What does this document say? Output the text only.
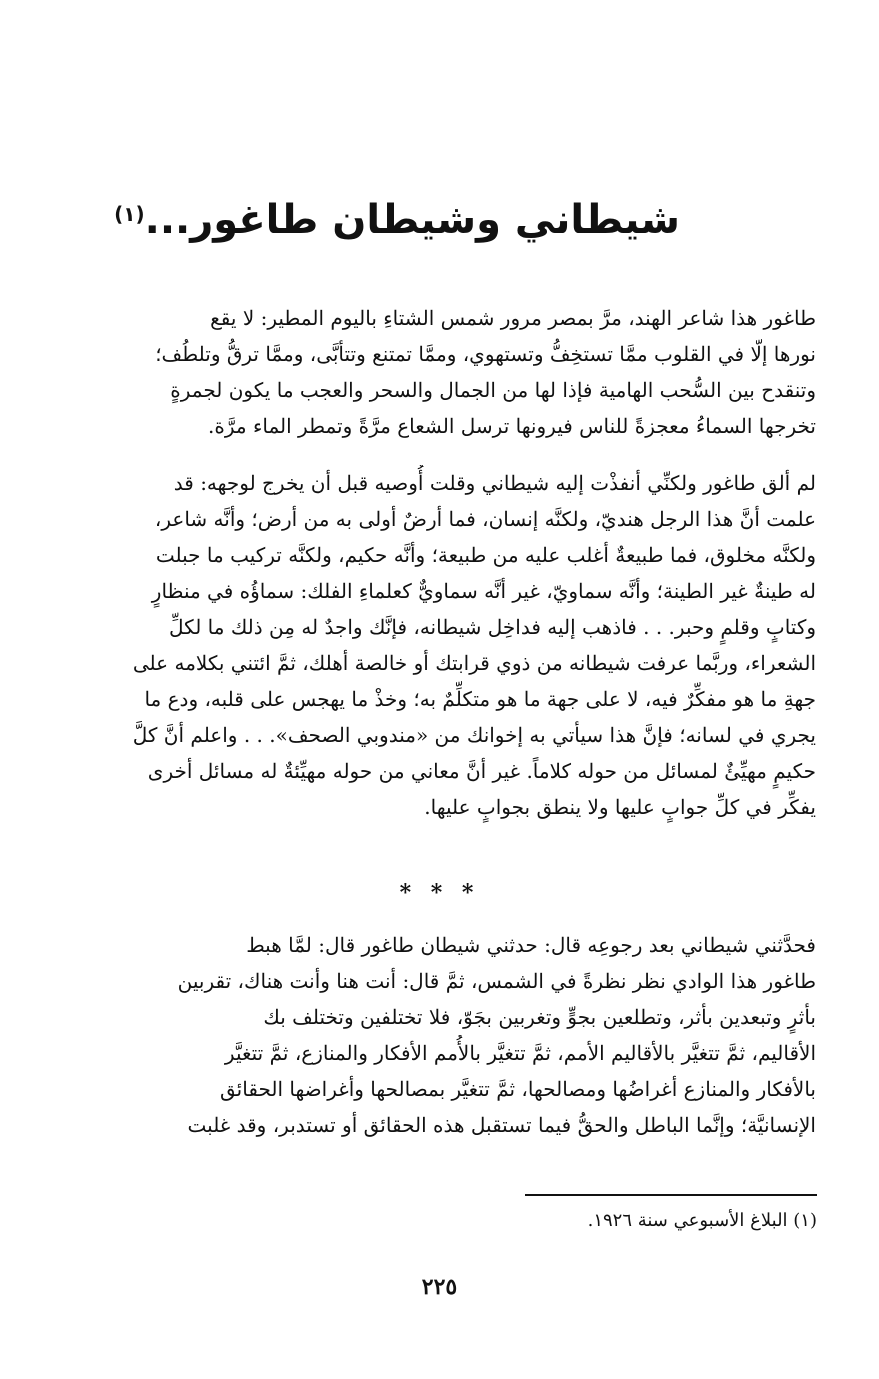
شيطاني وشيطان طاغور...$^{(١)}$
طاغور هذا شاعر الهند، مرَّ بمصر مرور شمس الشتاءِ باليوم المطير: لا يقع
نورها إلّا في القلوب ممَّا تستخِفُّ وتستهوي، وممَّا تمتنع وتتأبَّى، وممَّا ترقُّ وتلطُف؛
وتنقدح بين السُّحب الهامية فإذا لها من الجمال والسحر والعجب ما يكون لجمرةٍ
تخرجها السماءُ معجزةً للناس فيرونها ترسل الشعاع مرَّةً وتمطر الماء مرَّة.
لم ألق طاغور ولكنِّي أنفذْت إليه شيطاني وقلت أُوصيه قبل أن يخرج لوجهه: قد
علمت أنَّ هذا الرجل هنديّ، ولكنَّه إنسان، فما أرضٌ أولى به من أرض؛ وأنَّه شاعر،
ولكنَّه مخلوق، فما طبيعةٌ أغلب عليه من طبيعة؛ وأنَّه حكيم، ولكنَّه تركيب ما جبلت
له طينةٌ غير الطينة؛ وأنَّه سماويّ، غير أنَّه سماويٌّ كعلماءِ الفلك: سماؤُه في منظارٍ
وكتابٍ وقلمٍ وحبر. . . فاذهب إليه فداخِل شيطانه، فإنَّك واجدٌ له مِن ذلك ما لكلِّ
الشعراء، وربَّما عرفت شيطانه من ذوي قرابتك أو خالصة أهلك، ثمَّ ائتني بكلامه على
جهةِ ما هو مفكِّرٌ فيه، لا على جهة ما هو متكلِّمٌ به؛ وخذْ ما يهجس على قلبه، ودع ما
يجري في لسانه؛ فإنَّ هذا سيأتي به إخوانك من «مندوبي الصحف». . . واعلم أنَّ كلَّ
حكيمٍ مهيِّئٌ لمسائل من حوله كلاماً. غير أنَّ معاني من حوله مهيِّئةٌ له مسائل أخرى
يفكِّر في كلِّ جوابٍ عليها ولا ينطق بجوابٍ عليها.
* * *
فحدَّثني شيطاني بعد رجوعِه قال: حدثني شيطان طاغور قال: لمَّا هبط
طاغور هذا الوادي نظر نظرةً في الشمس، ثمَّ قال: أنت هنا وأنت هناك، تقربين
بأثرٍ وتبعدين بأثر، وتطلعين بجوٍّ وتغربين بجَوّ، فلا تختلفين وتختلف بك
الأقاليم، ثمَّ تتغيَّر بالأقاليم الأمم، ثمَّ تتغيَّر بالأُمم الأفكار والمنازع، ثمَّ تتغيَّر
بالأفكار والمنازع أغراضُها ومصالحها، ثمَّ تتغيَّر بمصالحها وأغراضها الحقائق
الإنسانيَّة؛ وإنَّما الباطل والحقُّ فيما تستقبل هذه الحقائق أو تستدبر، وقد غلبت
(١) البلاغ الأسبوعي سنة ١٩٢٦.
٢٢٥
